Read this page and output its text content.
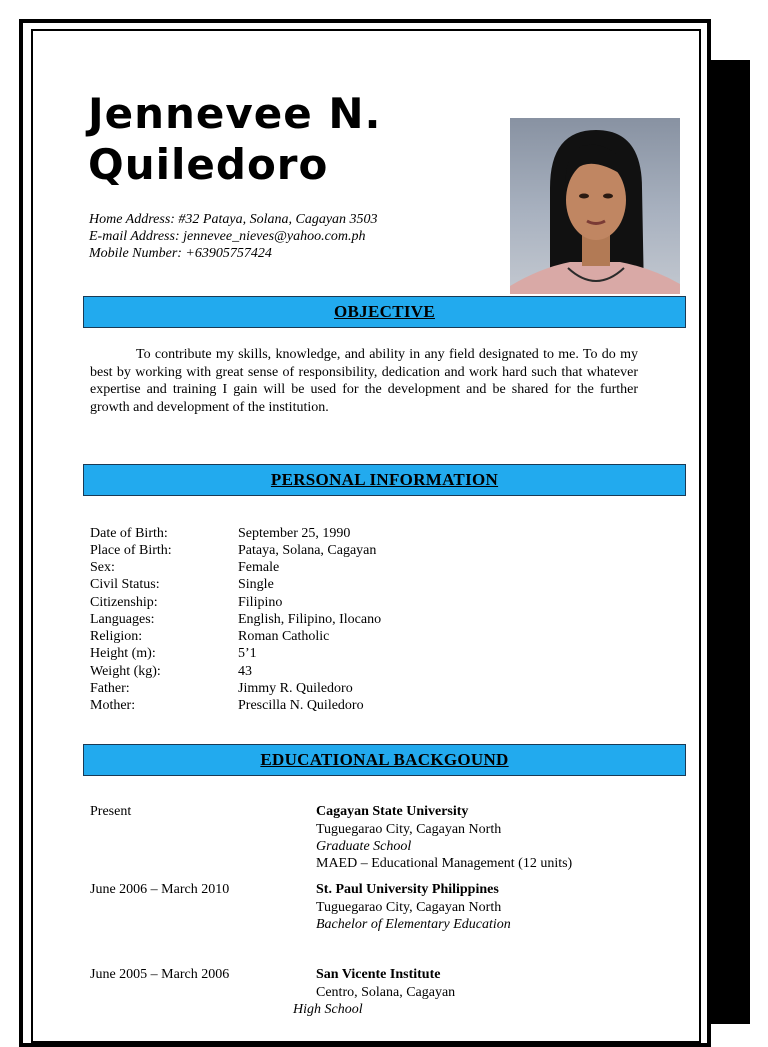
Jennevee N.
Quiledoro
Home Address: #32 Pataya, Solana, Cagayan 3503
E-mail Address: jennevee_nieves@yahoo.com.ph
Mobile Number: +63905757424
OBJECTIVE

To contribute my skills, knowledge, and ability in any field designated to me. To do my best by working with great sense of responsibility, dedication and work hard such that whatever expertise and training I gain will be used for the development and be shared for the further growth and development of the institution.

PERSONAL INFORMATION
Date of Birth:	September 25, 1990
Place of Birth:	Pataya, Solana, Cagayan
Sex:	Female
Civil Status:	Single
Citizenship:	Filipino
Languages:	English, Filipino, Ilocano
Religion:	Roman Catholic
Height (m):	5’1
Weight (kg):	43
Father:	Jimmy R. Quiledoro
Mother:	Prescilla N. Quiledoro
EDUCATIONAL BACKGOUND
Present	Cagayan State University
Tuguegarao City, Cagayan North
Graduate School
MAED – Educational Management (12 units)
June 2006 – March 2010	St. Paul University Philippines
Tuguegarao City, Cagayan North
Bachelor of Elementary Education
June 2005 – March 2006	San Vicente Institute
Centro, Solana, Cagayan
High School
